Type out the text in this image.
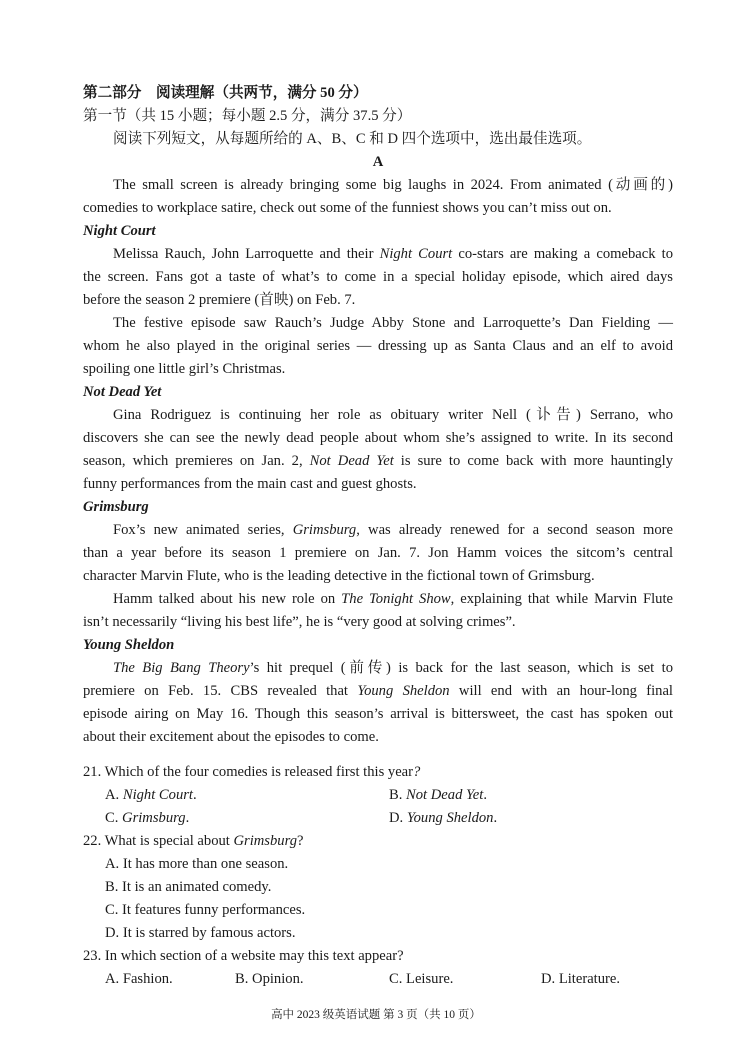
第二部分　阅读理解（共两节，满分 50 分）
第一节（共 15 小题；每小题 2.5 分，满分 37.5 分）
阅读下列短文，从每题所给的 A、B、C 和 D 四个选项中，选出最佳选项。
A
The small screen is already bringing some big laughs in 2024. From animated (动画的)
comedies to workplace satire, check out some of the funniest shows you can’t miss out on.
Night Court
Melissa Rauch, John Larroquette and their Night Court co-stars are making a comeback to
the screen. Fans got a taste of what’s to come in a special holiday episode, which aired days
before the season 2 premiere (首映) on Feb. 7.
The festive episode saw Rauch’s Judge Abby Stone and Larroquette’s Dan Fielding —
whom he also played in the original series — dressing up as Santa Claus and an elf to avoid
spoiling one little girl’s Christmas.
Not Dead Yet
Gina Rodriguez is continuing her role as obituary writer Nell (讣告) Serrano, who
discovers she can see the newly dead people about whom she’s assigned to write. In its second
season, which premieres on Jan. 2, Not Dead Yet is sure to come back with more hauntingly
funny performances from the main cast and guest ghosts.
Grimsburg
Fox’s new animated series, Grimsburg, was already renewed for a second season more
than a year before its season 1 premiere on Jan. 7. Jon Hamm voices the sitcom’s central
character Marvin Flute, who is the leading detective in the fictional town of Grimsburg.
Hamm talked about his new role on The Tonight Show, explaining that while Marvin Flute
isn’t necessarily “living his best life”, he is “very good at solving crimes”.
Young Sheldon
The Big Bang Theory’s hit prequel (前传) is back for the last season, which is set to
premiere on Feb. 15. CBS revealed that Young Sheldon will end with an hour-long final
episode airing on May 16. Though this season’s arrival is bittersweet, the cast has spoken out
about their excitement about the episodes to come.
21. Which of the four comedies is released first this year?
A. Night Court.	B. Not Dead Yet.
C. Grimsburg.	D. Young Sheldon.
22. What is special about Grimsburg?
A. It has more than one season.
B. It is an animated comedy.
C. It features funny performances.
D. It is starred by famous actors.
23. In which section of a website may this text appear?
A. Fashion.	B. Opinion.	C. Leisure.	D. Literature.
高中 2023 级英语试题 第 3 页（共 10 页）
